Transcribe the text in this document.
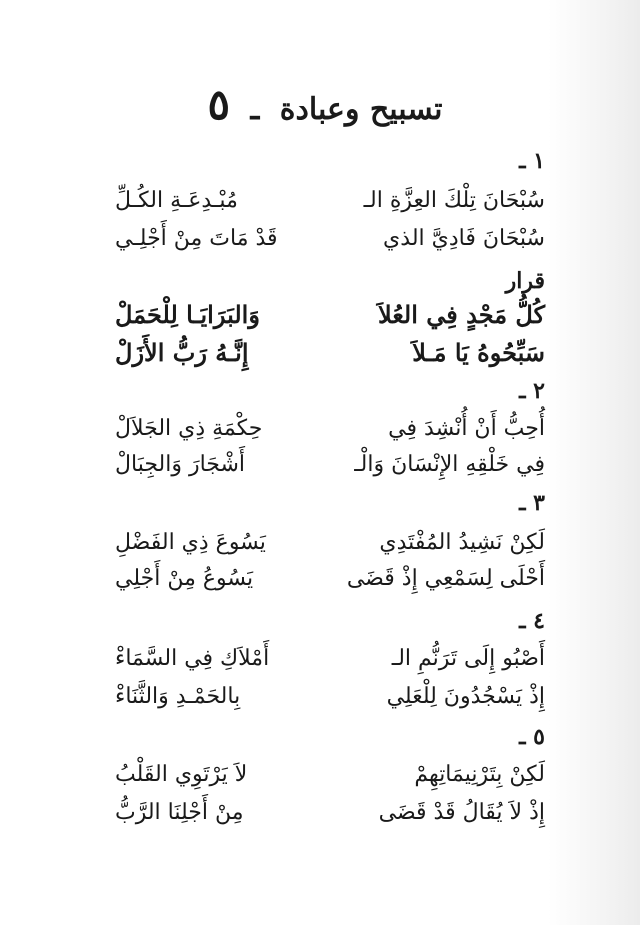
تسبيح وعبادة ـ ٥
١ ـ
سُبْحَانَ تِلْكَ العِزَّةِ الـ
مُبْـدِعَـةِ الكُـلِّ
سُبْحَانَ فَادِيَّ الذي
قَدْ مَاتَ مِنْ أَجْلِـي
قرار
كُلُّ مَجْدٍ فِي العُلاَ
وَالبَرَايَـا لِلْحَمَلْ
سَبِّحُوهُ يَا مَـلاَ
إِنَّـهُ رَبُّ الأَزَلْ
٢ ـ
أُحِبُّ أَنْ أُنْشِدَ فِي
حِكْمَةِ ذِي الجَلاَلْ
فِي خَلْقِهِ الإِنْسَانَ وَالْـ
أَشْجَارَ وَالجِبَالْ
٣ ـ
لَكِنْ نَشِيدُ المُفْتَدِي
يَسُوعَ ذِي الفَضْلِ
أَحْلَى لِسَمْعِي إِذْ قَضَى
يَسُوعُ مِنْ أَجْلِي
٤ ـ
أَصْبُو إِلَى تَرَنُّمِ الـ
أَمْلاَكِ فِي السَّمَاءْ
إِذْ يَسْجُدُونَ لِلْعَلِي
بِالحَمْـدِ وَالثَّنَاءْ
٥ ـ
لَكِنْ بِتَرْنِيمَاتِهِمْ
لاَ يَرْتَوِي القَلْبُ
إِذْ لاَ يُقَالُ قَدْ قَضَى
مِنْ أَجْلِنَا الرَّبُّ
